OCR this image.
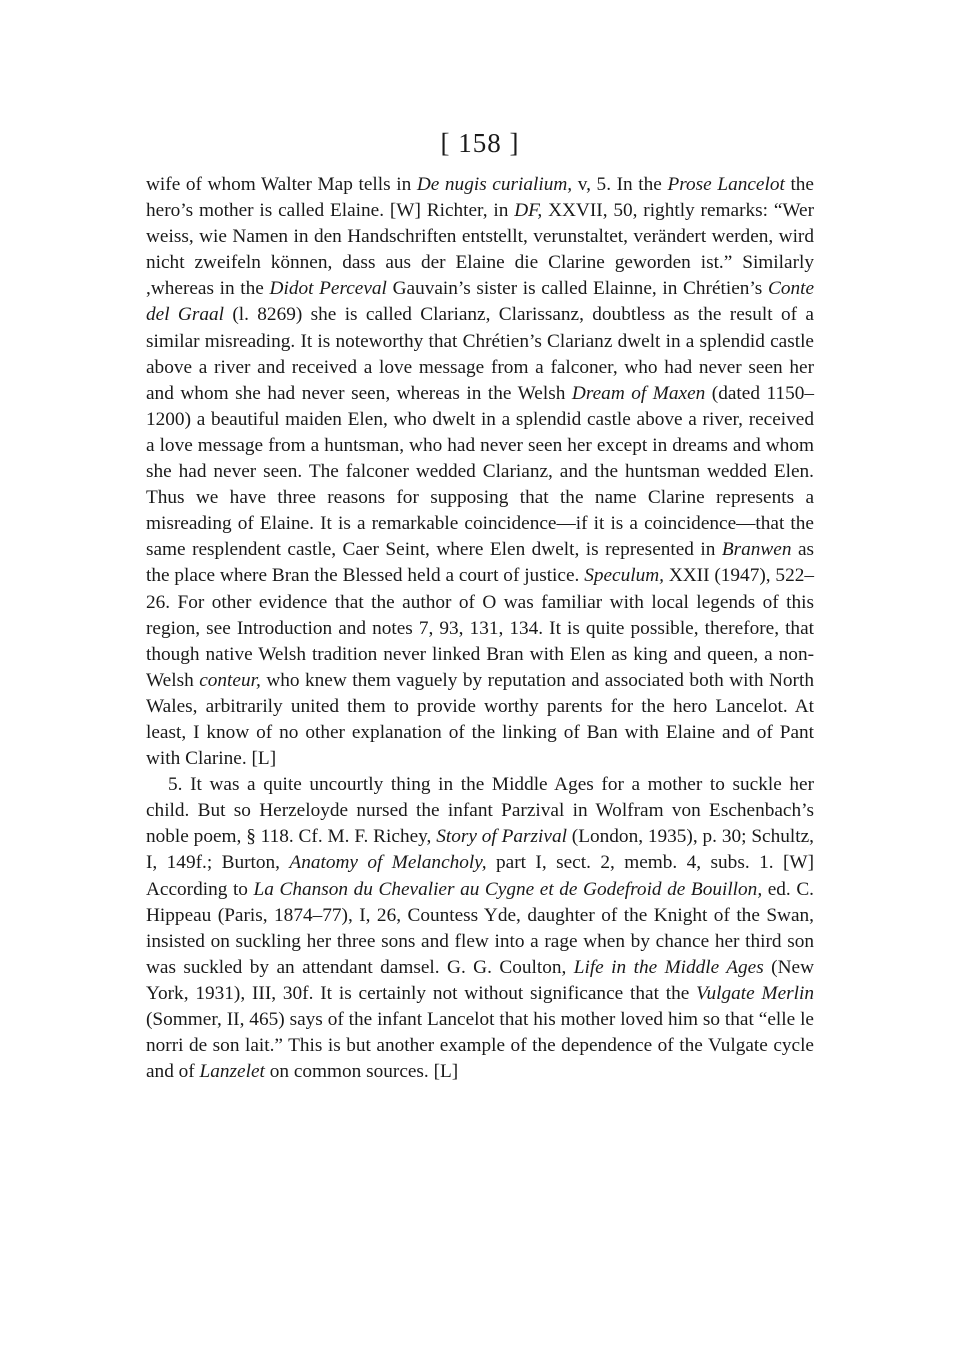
[ 158 ]

wife of whom Walter Map tells in De nugis curialium, v, 5. In the Prose Lancelot the hero’s mother is called Elaine. [W] Richter, in DF, XXVII, 50, rightly remarks: “Wer weiss, wie Namen in den Handschriften entstellt, verunstaltet, verändert werden, wird nicht zweifeln können, dass aus der Elaine die Clarine geworden ist.” Similarly ,whereas in the Didot Perceval Gauvain’s sister is called Elainne, in Chrétien’s Conte del Graal (l. 8269) she is called Clarianz, Clarissanz, doubtless as the result of a similar misreading. It is noteworthy that Chrétien’s Clarianz dwelt in a splendid castle above a river and received a love message from a falconer, who had never seen her and whom she had never seen, whereas in the Welsh Dream of Maxen (dated 1150–1200) a beautiful maiden Elen, who dwelt in a splendid castle above a river, received a love message from a huntsman, who had never seen her except in dreams and whom she had never seen. The falconer wedded Clarianz, and the huntsman wedded Elen. Thus we have three reasons for supposing that the name Clarine represents a misreading of Elaine. It is a remarkable coincidence—if it is a coincidence—that the same resplendent castle, Caer Seint, where Elen dwelt, is represented in Branwen as the place where Bran the Blessed held a court of justice. Speculum, XXII (1947), 522–26. For other evidence that the author of O was familiar with local legends of this region, see Introduction and notes 7, 93, 131, 134. It is quite possible, therefore, that though native Welsh tradition never linked Bran with Elen as king and queen, a non-Welsh conteur, who knew them vaguely by reputation and associated both with North Wales, arbitrarily united them to provide worthy parents for the hero Lancelot. At least, I know of no other explanation of the linking of Ban with Elaine and of Pant with Clarine. [L]

5. It was a quite uncourtly thing in the Middle Ages for a mother to suckle her child. But so Herzeloyde nursed the infant Parzival in Wolfram von Eschenbach’s noble poem, § 118. Cf. M. F. Richey, Story of Parzival (London, 1935), p. 30; Schultz, I, 149f.; Burton, Anatomy of Melancholy, part I, sect. 2, memb. 4, subs. 1. [W] According to La Chanson du Chevalier au Cygne et de Godefroid de Bouillon, ed. C. Hippeau (Paris, 1874–77), I, 26, Countess Yde, daughter of the Knight of the Swan, insisted on suckling her three sons and flew into a rage when by chance her third son was suckled by an attendant damsel. G. G. Coulton, Life in the Middle Ages (New York, 1931), III, 30f. It is certainly not without significance that the Vulgate Merlin (Sommer, II, 465) says of the infant Lancelot that his mother loved him so that “elle le norri de son lait.” This is but another example of the dependence of the Vulgate cycle and of Lanzelet on common sources. [L]
